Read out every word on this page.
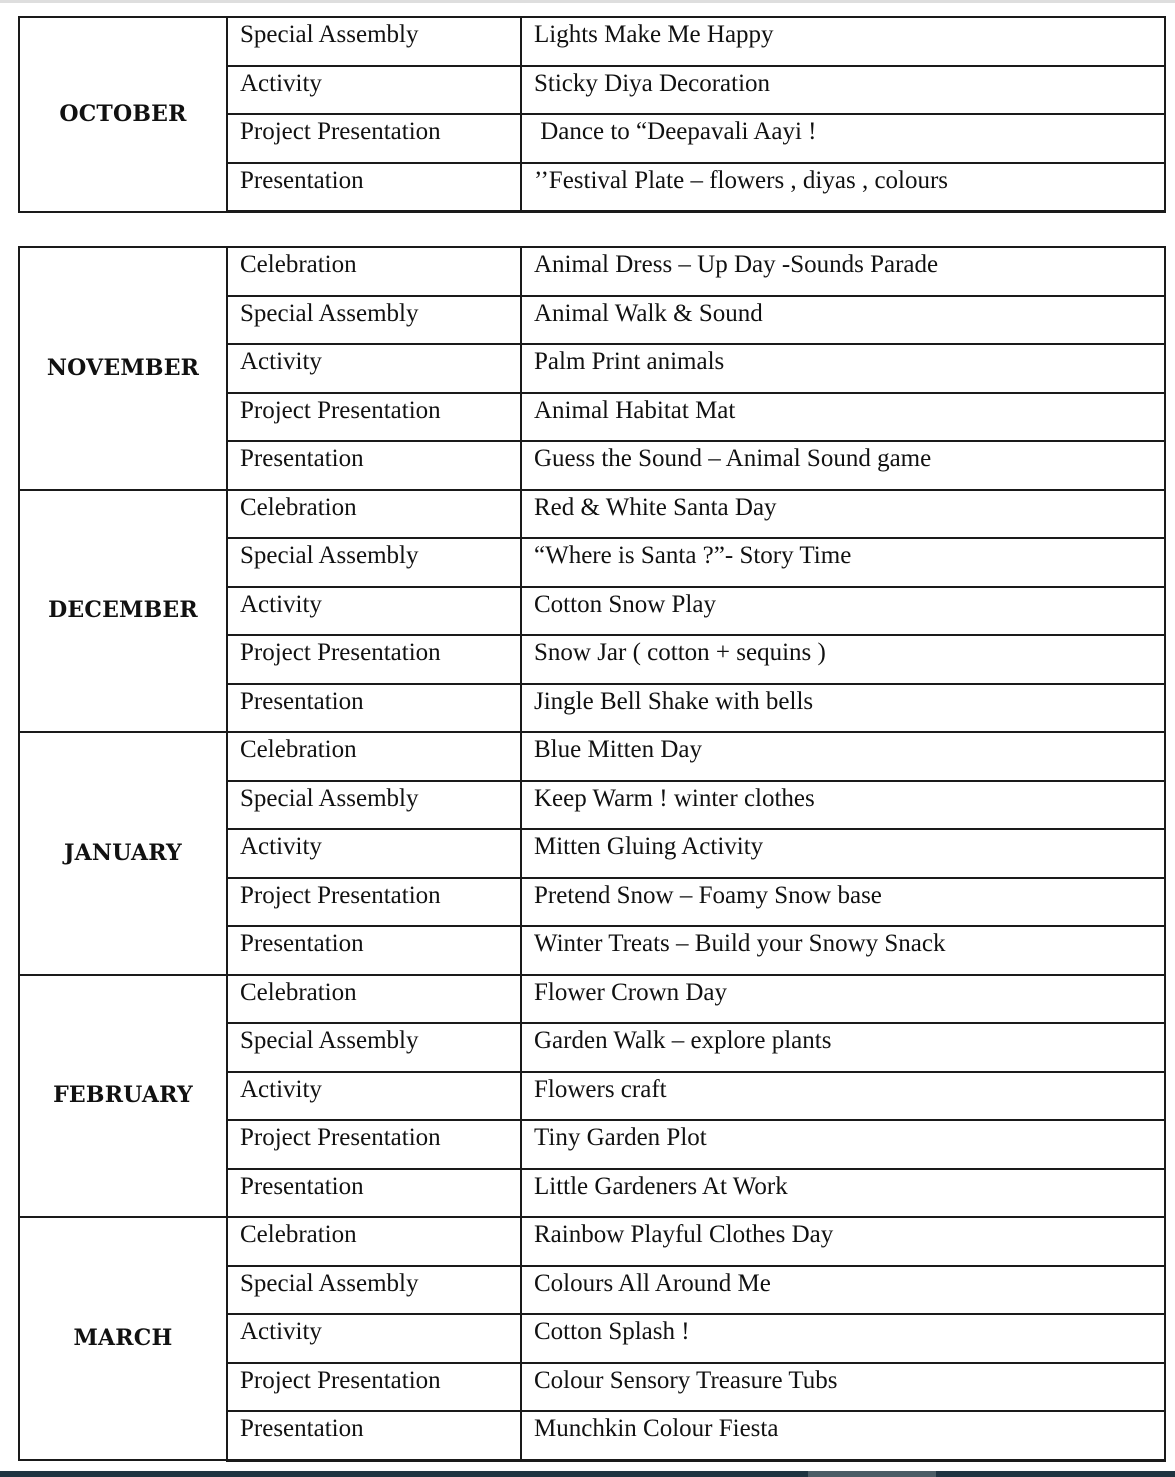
OCTOBER	Special Assembly	Lights Make Me Happy

	Activity	Sticky Diya Decoration

	Project Presentation	Dance to “Deepavali Aayi !

	Presentation	’’Festival Plate – flowers , diyas , colours
NOVEMBER	Celebration	Animal Dress – Up Day -Sounds Parade

	Special Assembly	Animal Walk & Sound

	Activity	Palm Print animals

	Project Presentation	Animal Habitat Mat

	Presentation	Guess the Sound – Animal Sound game

DECEMBER	Celebration	Red & White Santa Day

	Special Assembly	“Where is Santa ?”- Story Time

	Activity	Cotton Snow Play

	Project Presentation	Snow Jar ( cotton + sequins )

	Presentation	Jingle Bell Shake with bells

JANUARY	Celebration	Blue Mitten Day

	Special Assembly	Keep Warm ! winter clothes

	Activity	Mitten Gluing Activity

	Project Presentation	Pretend Snow – Foamy Snow base

	Presentation	Winter Treats – Build your Snowy Snack

FEBRUARY	Celebration	Flower Crown Day

	Special Assembly	Garden Walk – explore plants

	Activity	Flowers craft

	Project Presentation	Tiny Garden Plot

	Presentation	Little Gardeners At Work

MARCH	Celebration	Rainbow Playful Clothes Day

	Special Assembly	Colours All Around Me

	Activity	Cotton Splash !

	Project Presentation	Colour Sensory Treasure Tubs

	Presentation	Munchkin Colour Fiesta
